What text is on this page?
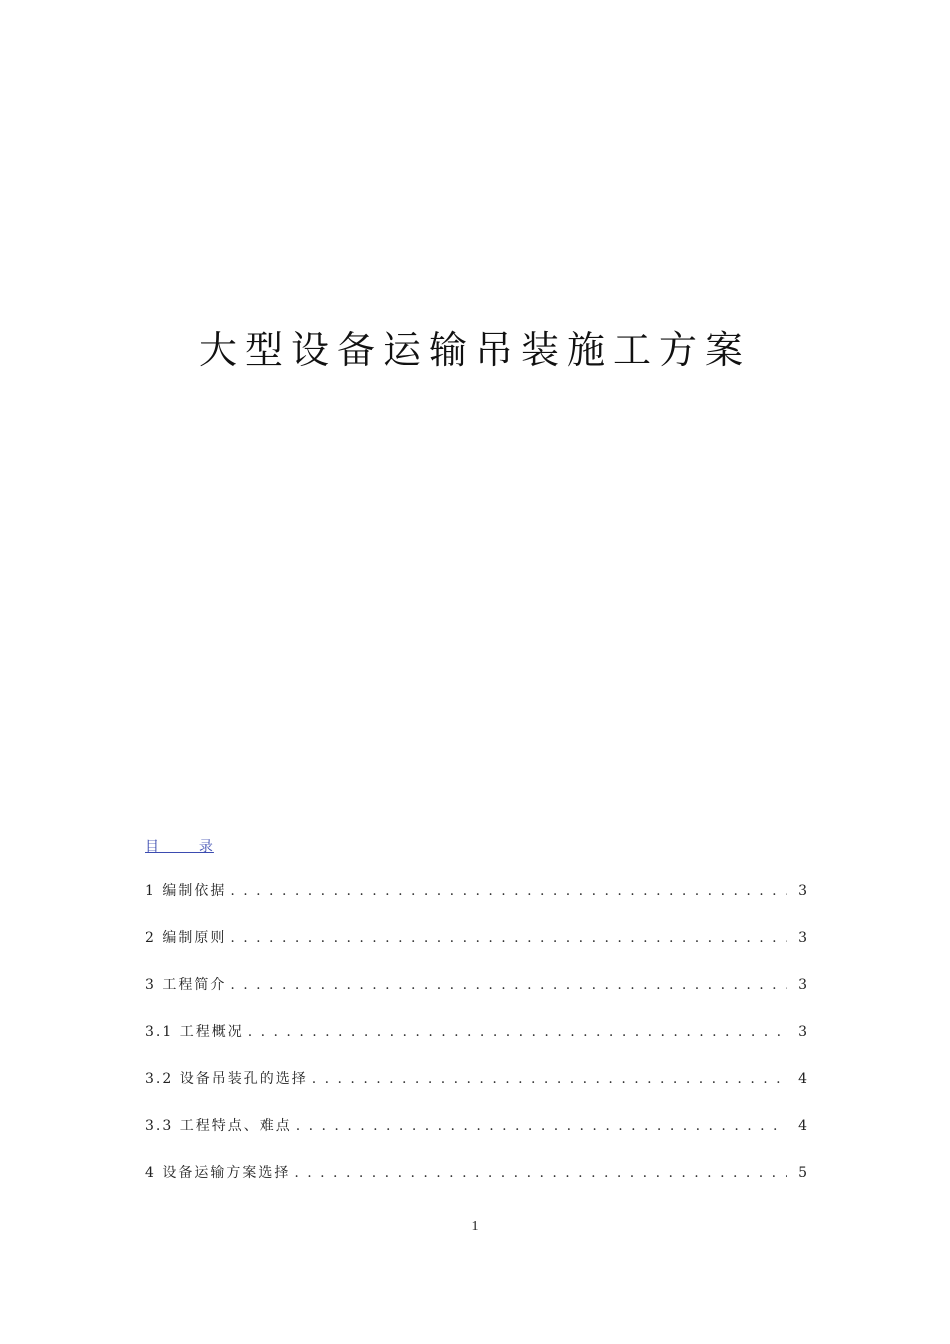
大型设备运输吊装施工方案
目  录
1 编制依据 . . .	3
2 编制原则 . . .	3
3 工程简介 . . .	3
3.1 工程概况 . . .	3
3.2 设备吊装孔的选择 . . .	4
3.3 工程特点、难点 . . .	4
4 设备运输方案选择 . . .	5
1
